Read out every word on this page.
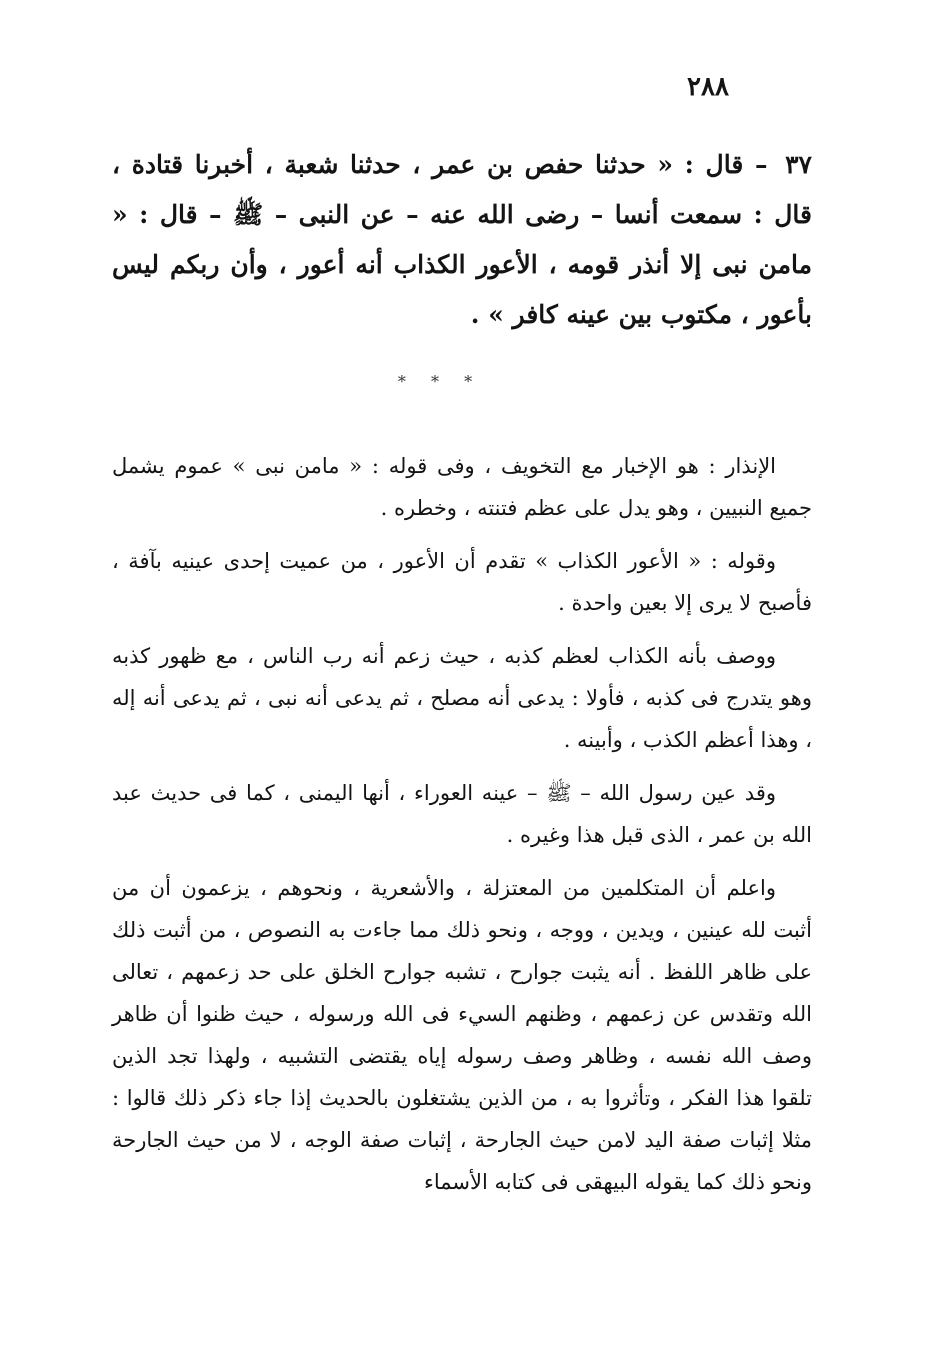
٢٨٨
٣٧ – قال : « حدثنا حفص بن عمر ، حدثنا شعبة ، أخبرنا قتادة ، قال : سمعت أنسا – رضى الله عنه – عن النبى – ﷺ – قال : « مامن نبى إلا أنذر قومه ، الأعور الكذاب أنه أعور ، وأن ربكم ليس بأعور ، مكتوب بين عينه كافر » .
* * *

الإنذار : هو الإخبار مع التخويف ، وفى قوله : « مامن نبى » عموم يشمل جميع النبيين ، وهو يدل على عظم فتنته ، وخطره .

وقوله : « الأعور الكذاب » تقدم أن الأعور ، من عميت إحدى عينيه بآفة ، فأصبح لا يرى إلا بعين واحدة .

ووصف بأنه الكذاب لعظم كذبه ، حيث زعم أنه رب الناس ، مع ظهور كذبه وهو يتدرج فى كذبه ، فأولا : يدعى أنه مصلح ، ثم يدعى أنه نبى ، ثم يدعى أنه إله ، وهذا أعظم الكذب ، وأبينه .

وقد عين رسول الله – ﷺ – عينه العوراء ، أنها اليمنى ، كما فى حديث عبد الله بن عمر ، الذى قبل هذا وغيره .

واعلم أن المتكلمين من المعتزلة ، والأشعرية ، ونحوهم ، يزعمون أن من أثبت لله عينين ، ويدين ، ووجه ، ونحو ذلك مما جاءت به النصوص ، من أثبت ذلك على ظاهر اللفظ . أنه يثبت جوارح ، تشبه جوارح الخلق على حد زعمهم ، تعالى الله وتقدس عن زعمهم ، وظنهم السيء فى الله ورسوله ، حيث ظنوا أن ظاهر وصف الله نفسه ، وظاهر وصف رسوله إياه يقتضى التشبيه ، ولهذا تجد الذين تلقوا هذا الفكر ، وتأثروا به ، من الذين يشتغلون بالحديث إذا جاء ذكر ذلك قالوا : مثلا إثبات صفة اليد لامن حيث الجارحة ، إثبات صفة الوجه ، لا من حيث الجارحة ونحو ذلك كما يقوله البيهقى فى كتابه الأسماء
